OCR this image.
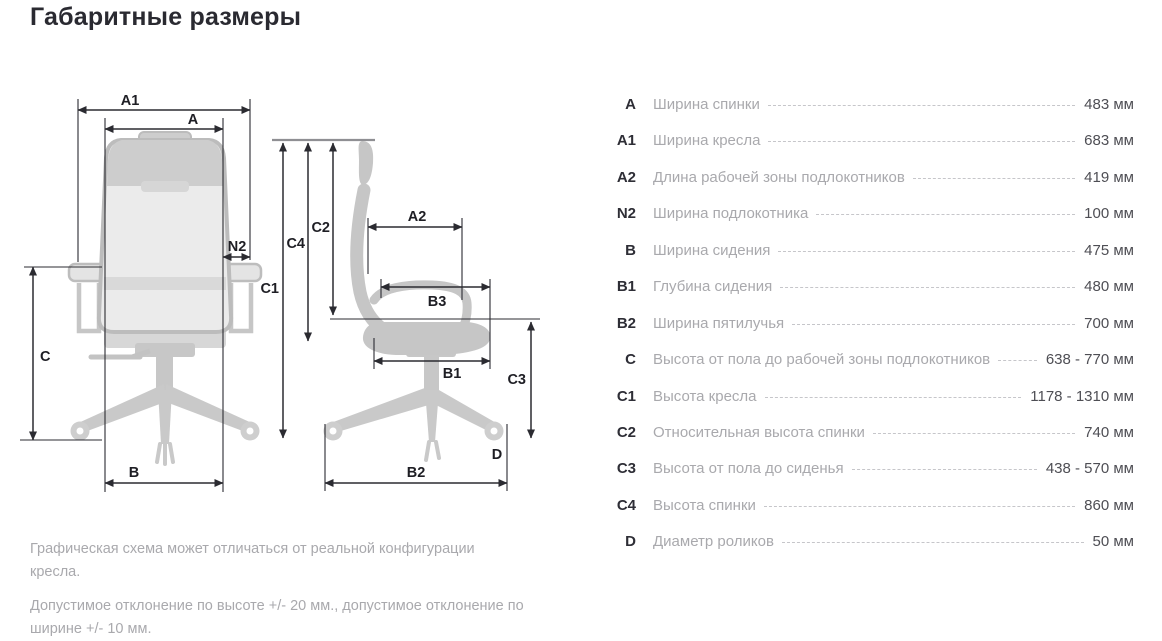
Габаритные размеры
A1
A
N2
C
B
C1
C4
C2
A2
B3
B1	C3
B2
D
A Ширина спинки	483 мм
A1 Ширина кресла	683 мм
A2 Длина рабочей зоны подлокотников	419 мм
N2 Ширина подлокотника	100 мм
B Ширина сидения	475 мм
B1 Глубина сидения	480 мм
B2 Ширина пятилучья	700 мм
C Высота от пола до рабочей зоны подлокотников	638 - 770 мм
C1 Высота кресла	1178 - 1310 мм
C2 Относительная высота спинки	740 мм
C3 Высота от пола до сиденья	438 - 570 мм
C4 Высота спинки	860 мм
D Диаметр роликов	50 мм

Графическая схема может отличаться от реальной конфигурации кресла.

Допустимое отклонение по высоте +/- 20 мм., допустимое отклонение по ширине +/- 10 мм.
